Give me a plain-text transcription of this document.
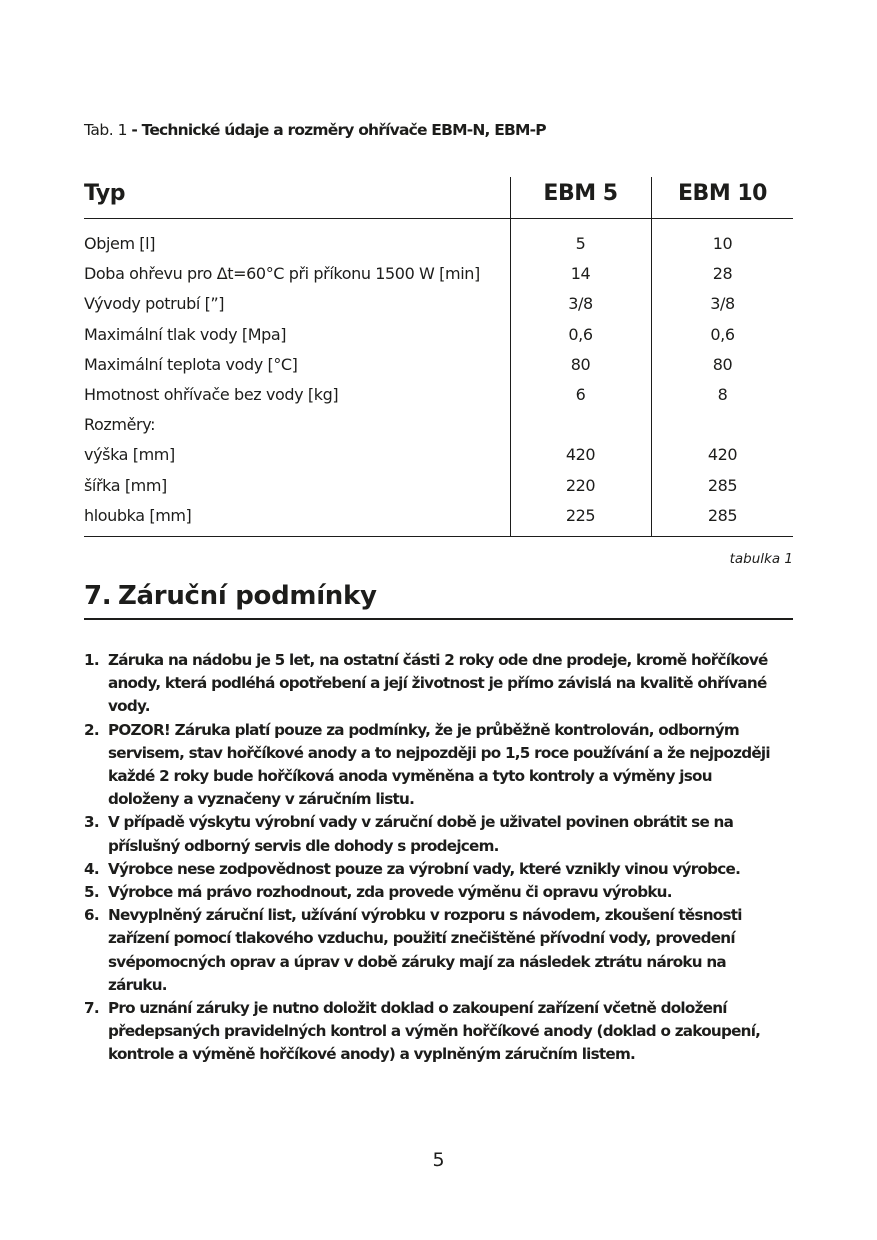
Tab. 1 - Technické údaje a rozměry ohřívače EBM-N, EBM-P
Typ	EBM 5	EBM 10
Objem [l]	5	10
Doba ohřevu pro Δt=60°C při příkonu 1500 W [min]	14	28
Vývody potrubí [”]	3/8	3/8
Maximální tlak vody [Mpa]	0,6	0,6
Maximální teplota vody [°C]	80	80
Hmotnost ohřívače bez vody [kg]	6	8
Rozměry:
výška [mm]	420	420
šířka [mm]	220	285
hloubka [mm]	225	285
tabulka 1
7. Záruční podmínky
1. Záruka na nádobu je 5 let, na ostatní části 2 roky ode dne prodeje, kromě hořčíkové
anody, která podléhá opotřebení a její životnost je přímo závislá na kvalitě ohřívané
vody.
2. POZOR! Záruka platí pouze za podmínky, že je průběžně kontrolován, odborným
servisem, stav hořčíkové anody a to nejpozději po 1,5 roce používání a že nejpozději
každé 2 roky bude hořčíková anoda vyměněna a tyto kontroly a výměny jsou
doloženy a vyznačeny v záručním listu.
3. V případě výskytu výrobní vady v záruční době je uživatel povinen obrátit se na
příslušný odborný servis dle dohody s prodejcem.
4. Výrobce nese zodpovědnost pouze za výrobní vady, které vznikly vinou výrobce.
5. Výrobce má právo rozhodnout, zda provede výměnu či opravu výrobku.
6. Nevyplněný záruční list, užívání výrobku v rozporu s návodem, zkoušení těsnosti
zařízení pomocí tlakového vzduchu, použití znečištěné přívodní vody, provedení
svépomocných oprav a úprav v době záruky mají za následek ztrátu nároku na
záruku.
7. Pro uznání záruky je nutno doložit doklad o zakoupení zařízení včetně doložení
předepsaných pravidelných kontrol a výměn hořčíkové anody (doklad o zakoupení,
kontrole a výměně hořčíkové anody) a vyplněným záručním listem.
5
